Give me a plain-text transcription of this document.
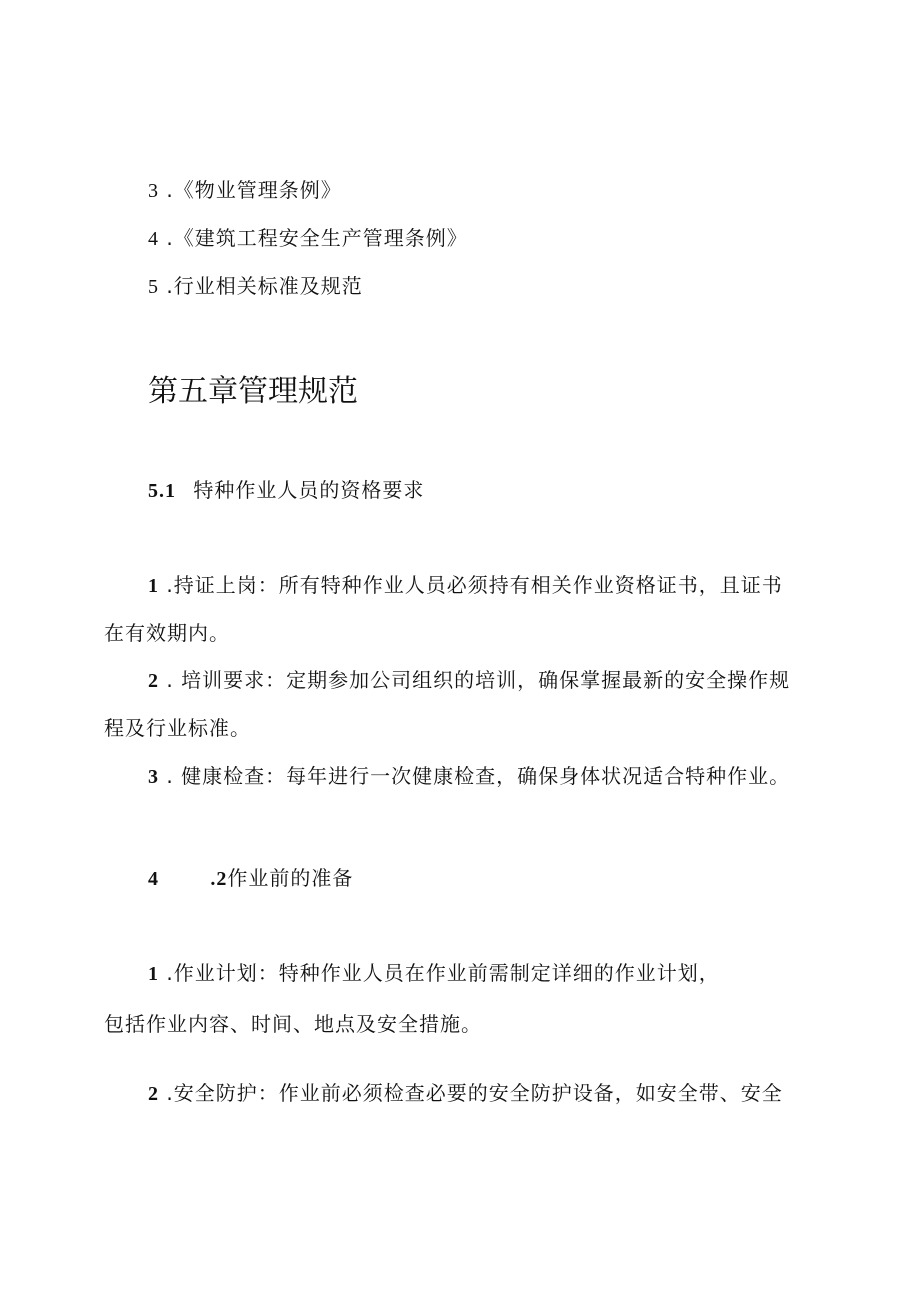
3 .《物业管理条例》
4 .《建筑工程安全生产管理条例》
5 .行业相关标准及规范
第五章管理规范
5.1 特种作业人员的资格要求
1 .持证上岗：所有特种作业人员必须持有相关作业资格证书，且证书
在有效期内。
2 . 培训要求：定期参加公司组织的培训，确保掌握最新的安全操作规
程及行业标准。
3 . 健康检查：每年进行一次健康检查，确保身体状况适合特种作业。
4	.2作业前的准备
1 .作业计划：特种作业人员在作业前需制定详细的作业计划，
包括作业内容、时间、地点及安全措施。
2 .安全防护：作业前必须检查必要的安全防护设备，如安全带、安全
